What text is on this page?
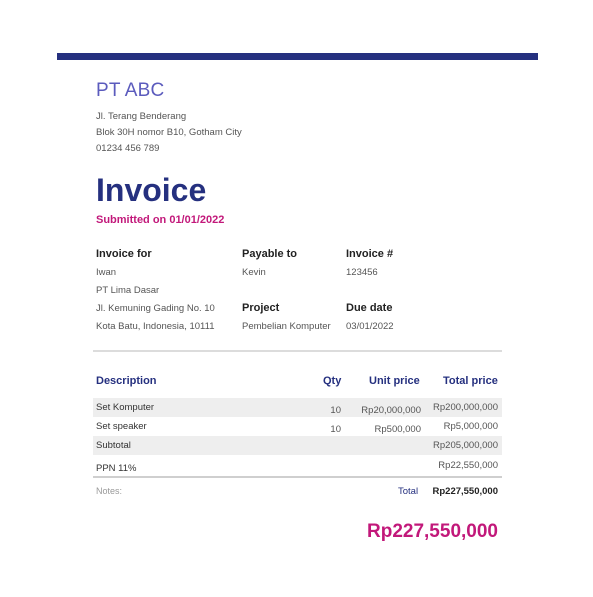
PT ABC
Jl. Terang Benderang
Blok 30H nomor B10, Gotham City
01234 456 789
Invoice
Submitted on 01/01/2022
Invoice for
Iwan
PT Lima Dasar
Jl. Kemuning Gading No. 10
Kota Batu, Indonesia, 10111
Payable to
Kevin
Invoice #
123456
Project
Pembelian Komputer
Due date
03/01/2022
Description	Qty	Unit price Total price
Set Komputer	10 Rp20,000,000 Rp200,000,000
Set speaker	10	Rp500,000 Rp5,000,000
Subtotal	Rp205,000,000
PPN 11%	Rp22,550,000
Notes:	Total Rp227,550,000
Rp227,550,000
